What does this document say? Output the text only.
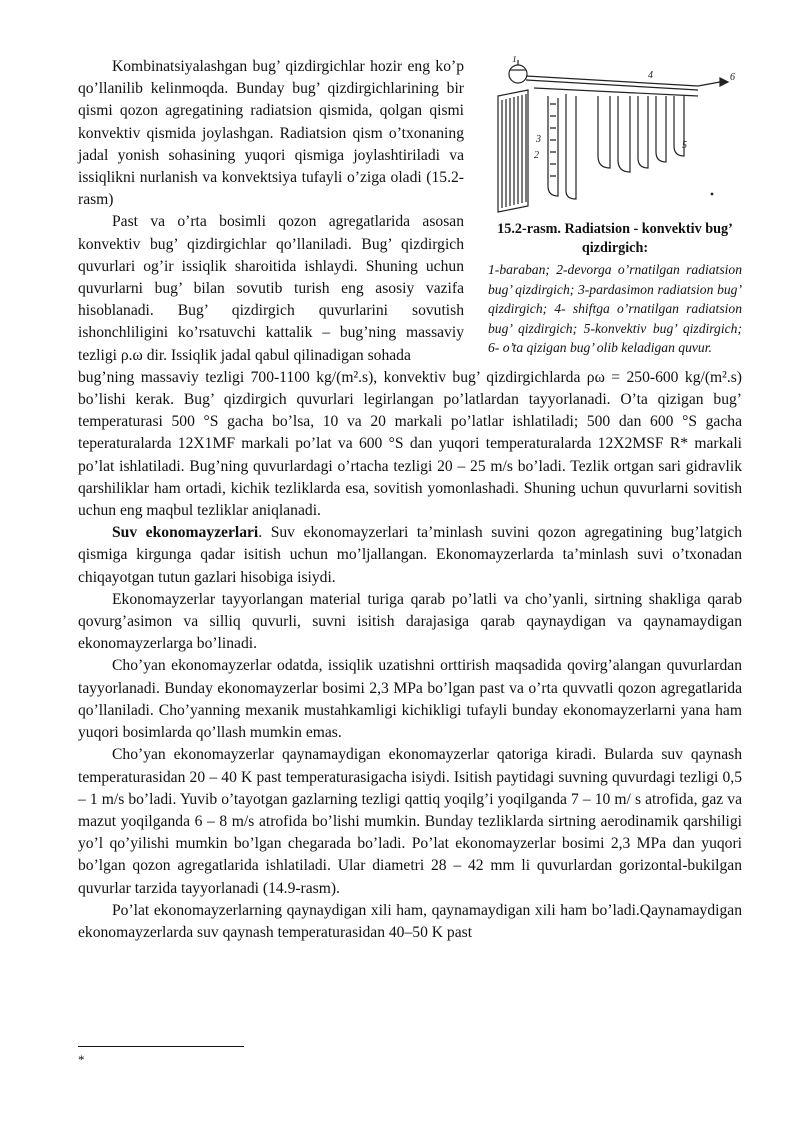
Kombinatsiyalashgan bug’ qizdirgichlar hozir eng ko’p qo’llanilib kelinmoqda. Bunday bug’ qizdirgichlarining bir qismi qozon agregatining radiatsion qismida, qolgan qismi konvektiv qismida joylashgan. Radiatsion qism o’txonaning jadal yonish sohasining yuqori qismiga joylashtiriladi va issiqlikni nurlanish va konvektsiya tufayli o’ziga oladi (15.2-rasm)

Past va o’rta bosimli qozon agregatlarida asosan konvektiv bug’ qizdirgichlar qo’llaniladi. Bug’ qizdirgich quvurlari og’ir issiqlik sharoitida ishlaydi. Shuning uchun quvurlarni bug’ bilan sovutib turish eng asosiy vazifa hisoblanadi. Bug’ qizdirgich quvurlarini sovutish ishonchliligini ko’rsatuvchi kattalik – bug’ning massaviy tezligi ρ.ω dir. Issiqlik jadal qabul qilinadigan sohada

1
2
3
4
5
6
15.2-rasm. Radiatsion - konvektiv bug’ qizdirgich:

1-baraban; 2-devorga o’rnatilgan radiatsion bug’ qizdirgich; 3-pardasimon radiatsion bug’ qizdirgich; 4- shiftga o’rnatilgan radiatsion bug’ qizdirgich; 5-konvektiv bug’ qizdirgich; 6- o’ta qizigan bug’ olib keladigan quvur.

bug’ning massaviy tezligi 700-1100 kg/(m².s), konvektiv bug’ qizdirgichlarda ρω = 250-600 kg/(m².s) bo’lishi kerak. Bug’ qizdirgich quvurlari legirlangan po’latlardan tayyorlanadi. O’ta qizigan bug’ temperaturasi 500 °S gacha bo’lsa, 10 va 20 markali po’latlar ishlatiladi; 500 dan 600 °S gacha teperaturalarda 12X1MF markali po’lat va 600 °S dan yuqori temperaturalarda 12X2MSF R* markali po’lat ishlatiladi. Bug’ning quvurlardagi o’rtacha tezligi 20 – 25 m/s bo’ladi. Tezlik ortgan sari gidravlik qarshiliklar ham ortadi, kichik tezliklarda esa, sovitish yomonlashadi. Shuning uchun quvurlarni sovitish uchun eng maqbul tezliklar aniqlanadi.

Suv ekonomayzerlari. Suv ekonomayzerlari ta’minlash suvini qozon agregatining bug’latgich qismiga kirgunga qadar isitish uchun mo’ljallangan. Ekonomayzerlarda ta’minlash suvi o’txonadan chiqayotgan tutun gazlari hisobiga isiydi.

Ekonomayzerlar tayyorlangan material turiga qarab po’latli va cho’yanli, sirtning shakliga qarab qovurg’asimon va silliq quvurli, suvni isitish darajasiga qarab qaynaydigan va qaynamaydigan ekonomayzerlarga bo’linadi.

Cho’yan ekonomayzerlar odatda, issiqlik uzatishni orttirish maqsadida qovirg’alangan quvurlardan tayyorlanadi. Bunday ekonomayzerlar bosimi 2,3 MPa bo’lgan past va o’rta quvvatli qozon agregatlarida qo’llaniladi. Cho’yanning mexanik mustahkamligi kichikligi tufayli bunday ekonomayzerlarni yana ham yuqori bosimlarda qo’llash mumkin emas.

Cho’yan ekonomayzerlar qaynamaydigan ekonomayzerlar qatoriga kiradi. Bularda suv qaynash temperaturasidan 20 – 40 K past temperaturasigacha isiydi. Isitish paytidagi suvning quvurdagi tezligi 0,5 – 1 m/s bo’ladi. Yuvib o’tayotgan gazlarning tezligi qattiq yoqilg’i yoqilganda 7 – 10 m/ s atrofida, gaz va mazut yoqilganda 6 – 8 m/s atrofida bo’lishi mumkin. Bunday tezliklarda sirtning aerodinamik qarshiligi yo’l qo’yilishi mumkin bo’lgan chegarada bo’ladi. Po’lat ekonomayzerlar bosimi 2,3 MPa dan yuqori bo’lgan qozon agregatlarida ishlatiladi. Ular diametri 28 – 42 mm li quvurlardan gorizontal-bukilgan quvurlar tarzida tayyorlanadi (14.9-rasm).

Po’lat ekonomayzerlarning qaynaydigan xili ham, qaynamaydigan xili ham bo’ladi.Qaynamaydigan ekonomayzerlarda suv qaynash temperaturasidan 40–50 K past

*
